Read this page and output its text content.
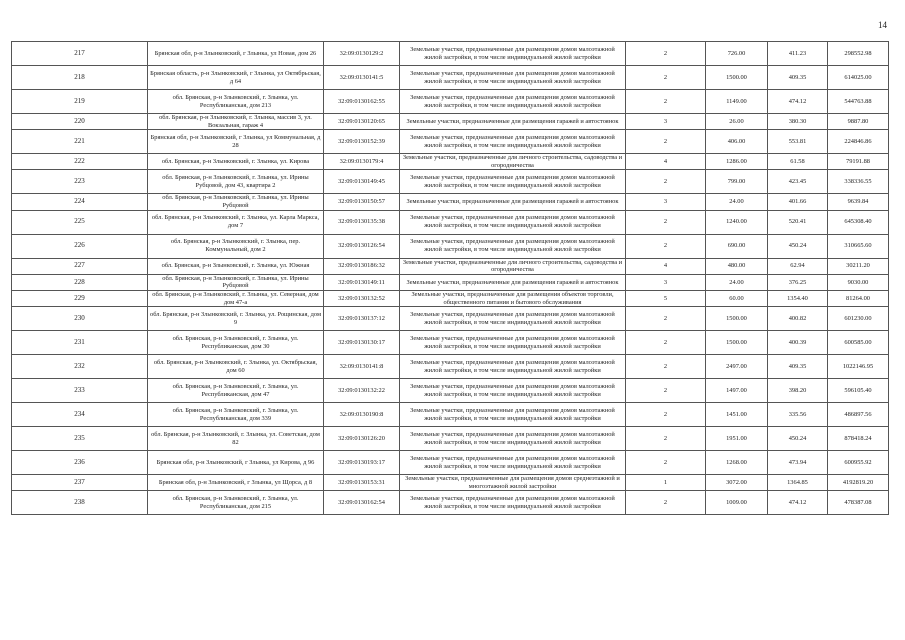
14
217	Брянская обл, р-н Злынковский, г Злынка, ул Новая, дом 26	32:09:0130129:2	Земельные участки, предназначенные для размещения домов малоэтажной жилой застройки, в том числе индивидуальной жилой застройки	2	726.00	411.23	298552.98
218	Брянская область, р-н Злынковский, г Злынка, ул Октябрьская, д 64	32:09:0130141:5	Земельные участки, предназначенные для размещения домов малоэтажной жилой застройки, в том числе индивидуальной жилой застройки	2	1500.00	409.35	614025.00
219	обл. Брянская, р-н Злынковский, г. Злынка, ул. Республиканская, дом 213	32:09:0130162:55	Земельные участки, предназначенные для размещения домов малоэтажной жилой застройки, в том числе индивидуальной жилой застройки	2	1149.00	474.12	544763.88
220	обл. Брянская, р-н Злынковский, г. Злынка, массив 3, ул. Вокзальная, гараж 4	32:09:0130120:65	Земельные участки, предназначенные для размещения гаражей и автостоянок	3	26.00	380.30	9887.80
221	Брянская обл, р-н Злынковский, г Злынка, ул Коммунальная, д 28	32:09:0130152:39	Земельные участки, предназначенные для размещения домов малоэтажной жилой застройки, в том числе индивидуальной жилой застройки	2	406.00	553.81	224846.86
222	обл. Брянская, р-н Злынковский, г. Злынка, ул. Кирова	32:09:0130179:4	Земельные участки, предназначенные для личного строительства, садоводства и огородничества	4	1286.00	61.58	79191.88
223	обл. Брянская, р-н Злынковский, г. Злынка, ул. Ирины Рубцовой, дом 43, квартира 2	32:09:0130149:45	Земельные участки, предназначенные для размещения домов малоэтажной жилой застройки, в том числе индивидуальной жилой застройки	2	799.00	423.45	338336.55
224	обл. Брянская, р-н Злынковский, г. Злынка, ул. Ирины Рубцовой	32:09:0130150:57	Земельные участки, предназначенные для размещения гаражей и автостоянок	3	24.00	401.66	9639.84
225	обл. Брянская, р-н Злынковский, г. Злынка, ул. Карла Маркса, дом 7	32:09:0130135:38	Земельные участки, предназначенные для размещения домов малоэтажной жилой застройки, в том числе индивидуальной жилой застройки	2	1240.00	520.41	645308.40
226	обл. Брянская, р-н Злынковский, г. Злынка, пер. Коммунальный, дом 2	32:09:0130126:54	Земельные участки, предназначенные для размещения домов малоэтажной жилой застройки, в том числе индивидуальной жилой застройки	2	690.00	450.24	310665.60
227	обл. Брянская, р-н Злынковский, г. Злынка, ул. Южная	32:09:0130186:32	Земельные участки, предназначенные для личного строительства, садоводства и огородничества	4	480.00	62.94	30211.20
228	обл. Брянская, р-н Злынковский, г. Злынка, ул. Ирины Рубцовой	32:09:0130149:11	Земельные участки, предназначенные для размещения гаражей и автостоянок	3	24.00	376.25	9030.00
229	обл. Брянская, р-н Злынковский, г. Злынка, ул. Северная, дом дом 47-а	32:09:0130132:52	Земельные участки, предназначенные для размещения объектов торговли, общественного питания и бытового обслуживания	5	60.00	1354.40	81264.00
230	обл. Брянская, р-н Злынковский, г. Злынка, ул. Рощинская, дом 9	32:09:0130137:12	Земельные участки, предназначенные для размещения домов малоэтажной жилой застройки, в том числе индивидуальной жилой застройки	2	1500.00	400.82	601230.00
231	обл. Брянская, р-н Злынковский, г. Злынка, ул. Республиканская, дом 30	32:09:0130130:17	Земельные участки, предназначенные для размещения домов малоэтажной жилой застройки, в том числе индивидуальной жилой застройки	2	1500.00	400.39	600585.00
232	обл. Брянская, р-н Злынковский, г. Злынка, ул. Октябрьская, дом 60	32:09:0130141:8	Земельные участки, предназначенные для размещения домов малоэтажной жилой застройки, в том числе индивидуальной жилой застройки	2	2497.00	409.35	1022146.95
233	обл. Брянская, р-н Злынковский, г. Злынка, ул. Республиканская, дом 47	32:09:0130132:22	Земельные участки, предназначенные для размещения домов малоэтажной жилой застройки, в том числе индивидуальной жилой застройки	2	1497.00	398.20	596105.40
234	обл. Брянская, р-н Злынковский, г. Злынка, ул. Республиканская, дом 339	32:09:0130190:8	Земельные участки, предназначенные для размещения домов малоэтажной жилой застройки, в том числе индивидуальной жилой застройки	2	1451.00	335.56	486897.56
235	обл. Брянская, р-н Злынковский, г. Злынка, ул. Советская, дом 82	32:09:0130126:20	Земельные участки, предназначенные для размещения домов малоэтажной жилой застройки, в том числе индивидуальной жилой застройки	2	1951.00	450.24	878418.24
236	Брянская обл, р-н Злынковский, г Злынка, ул Кирова, д 96	32:09:0130193:17	Земельные участки, предназначенные для размещения домов малоэтажной жилой застройки, в том числе индивидуальной жилой застройки	2	1268.00	473.94	600955.92
237	Брянская обл, р-н Злынковский, г Злынка, ул Щорса, д 8	32:09:0130153:31	Земельные участки, предназначенные для размещения домов среднеэтажной и многоэтажной жилой застройки	1	3072.00	1364.85	4192819.20
238	обл. Брянская, р-н Злынковский, г. Злынка, ул. Республиканская, дом 215	32:09:0130162:54	Земельные участки, предназначенные для размещения домов малоэтажной жилой застройки, в том числе индивидуальной жилой застройки	2	1009.00	474.12	478387.08
